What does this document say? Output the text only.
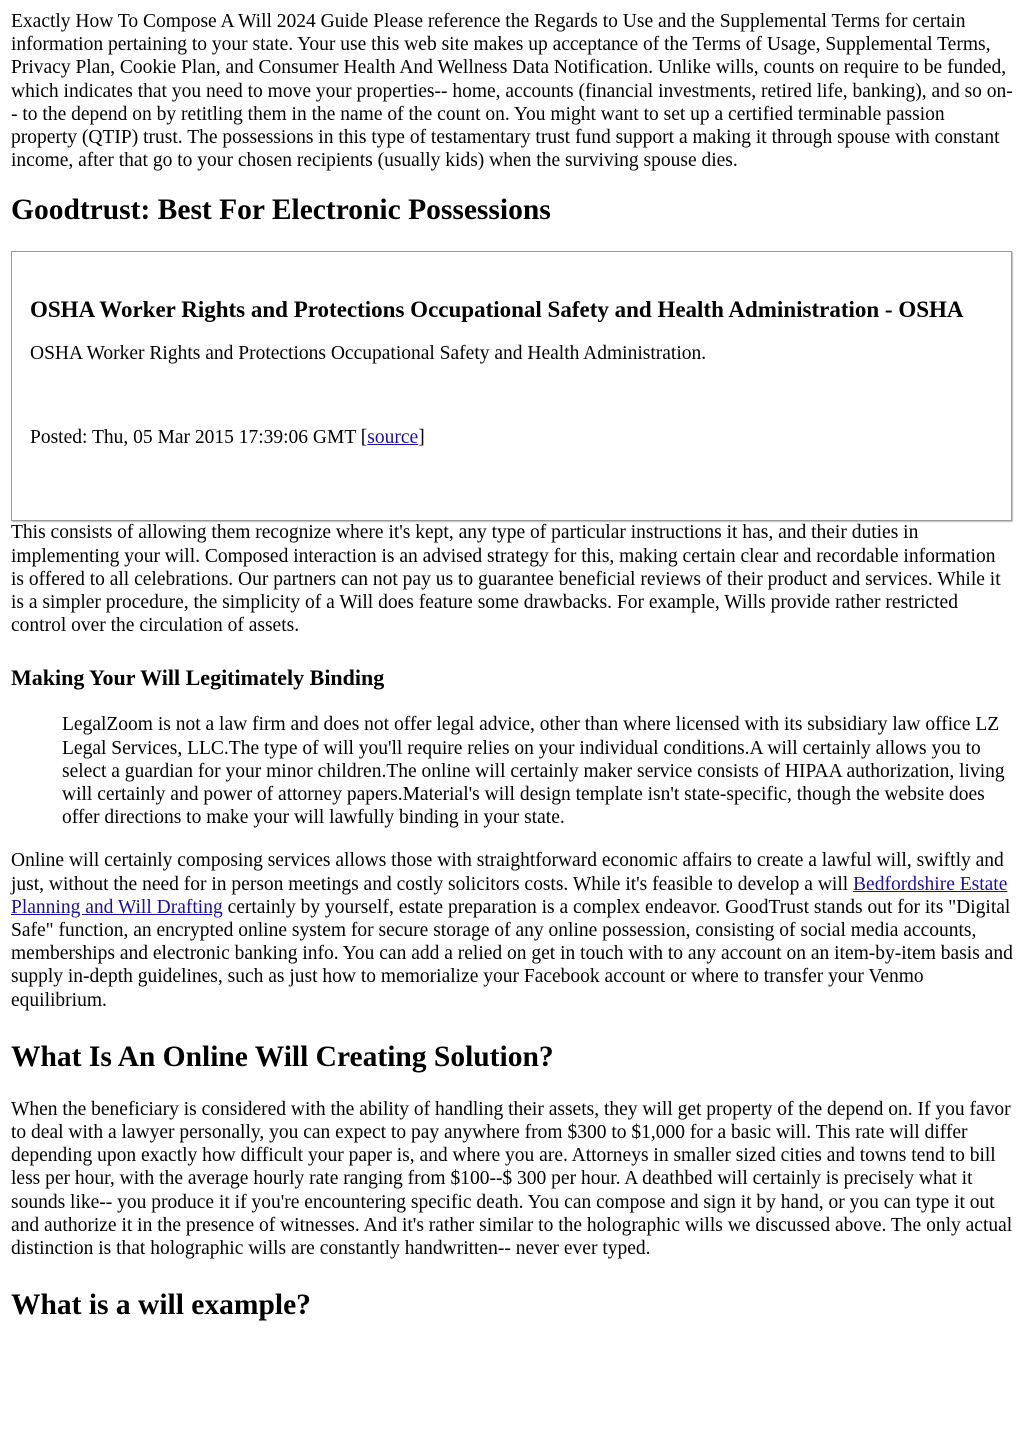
Exactly How To Compose A Will 2024 Guide Please reference the Regards to Use and the Supplemental Terms for certain information pertaining to your state. Your use this web site makes up acceptance of the Terms of Usage, Supplemental Terms, Privacy Plan, Cookie Plan, and Consumer Health And Wellness Data Notification. Unlike wills, counts on require to be funded, which indicates that you need to move your properties-- home, accounts (financial investments, retired life, banking), and so on-- to the depend on by retitling them in the name of the count on. You might want to set up a certified terminable passion property (QTIP) trust. The possessions in this type of testamentary trust fund support a making it through spouse with constant income, after that go to your chosen recipients (usually kids) when the surviving spouse dies.

Goodtrust: Best For Electronic Possessions
OSHA Worker Rights and Protections Occupational Safety and Health Administration - OSHA

OSHA Worker Rights and Protections Occupational Safety and Health Administration.

Posted: Thu, 05 Mar 2015 17:39:06 GMT [source]

This consists of allowing them recognize where it's kept, any type of particular instructions it has, and their duties in implementing your will. Composed interaction is an advised strategy for this, making certain clear and recordable information is offered to all celebrations. Our partners can not pay us to guarantee beneficial reviews of their product and services. While it is a simpler procedure, the simplicity of a Will does feature some drawbacks. For example, Wills provide rather restricted control over the circulation of assets.

Making Your Will Legitimately Binding
LegalZoom is not a law firm and does not offer legal advice, other than where licensed with its subsidiary law office LZ Legal Services, LLC.The type of will you'll require relies on your individual conditions.A will certainly allows you to select a guardian for your minor children.The online will certainly maker service consists of HIPAA authorization, living will certainly and power of attorney papers.Material's will design template isn't state-specific, though the website does offer directions to make your will lawfully binding in your state.

Online will certainly composing services allows those with straightforward economic affairs to create a lawful will, swiftly and just, without the need for in person meetings and costly solicitors costs. While it's feasible to develop a will Bedfordshire Estate Planning and Will Drafting certainly by yourself, estate preparation is a complex endeavor. GoodTrust stands out for its "Digital Safe" function, an encrypted online system for secure storage of any online possession, consisting of social media accounts, memberships and electronic banking info. You can add a relied on get in touch with to any account on an item-by-item basis and supply in-depth guidelines, such as just how to memorialize your Facebook account or where to transfer your Venmo equilibrium.

What Is An Online Will Creating Solution?

When the beneficiary is considered with the ability of handling their assets, they will get property of the depend on. If you favor to deal with a lawyer personally, you can expect to pay anywhere from $300 to $1,000 for a basic will. This rate will differ depending upon exactly how difficult your paper is, and where you are. Attorneys in smaller sized cities and towns tend to bill less per hour, with the average hourly rate ranging from $100--$ 300 per hour. A deathbed will certainly is precisely what it sounds like-- you produce it if you're encountering specific death. You can compose and sign it by hand, or you can type it out and authorize it in the presence of witnesses. And it's rather similar to the holographic wills we discussed above. The only actual distinction is that holographic wills are constantly handwritten-- never ever typed.

What is a will example?
